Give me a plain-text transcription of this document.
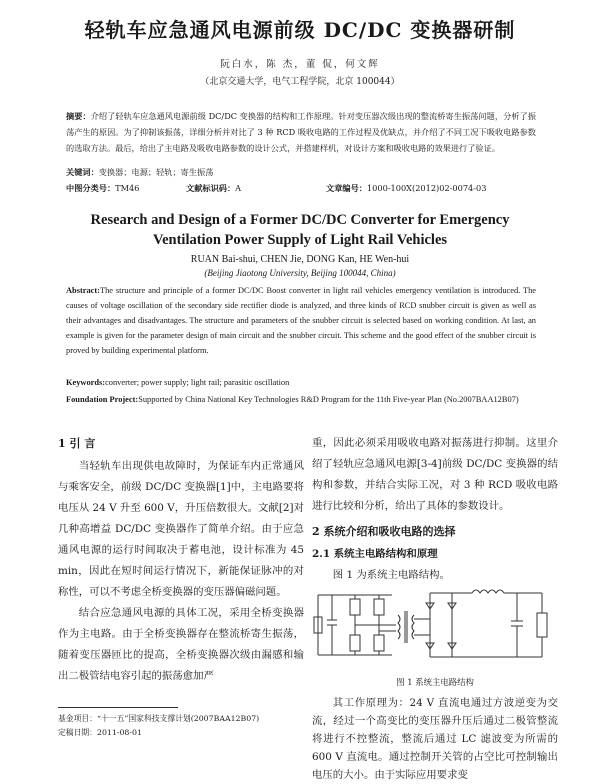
轻轨车应急通风电源前级 DC/DC 变换器研制
阮白水，陈 杰，董 侃，何文辉
（北京交通大学，电气工程学院，北京 100044）
摘要：介绍了轻轨车应急通风电源前级 DC/DC 变换器的结构和工作原理。针对变压器次级出现的整流桥寄生振荡问题，分析了振荡产生的原因。为了抑制该振荡，详细分析并对比了 3 种 RCD 吸收电路的工作过程及优缺点，并介绍了不同工况下吸收电路参数的选取方法。最后，给出了主电路及吸收电路参数的设计公式，并搭建样机，对设计方案和吸收电路的效果进行了验证。
关键词：变换器；电源；轻轨；寄生振荡
中图分类号：TM46	文献标识码：A	文章编号：1000-100X(2012)02-0074-03
Research and Design of a Former DC/DC Converter for Emergency
Ventilation Power Supply of Light Rail Vehicles
RUAN Bai-shui, CHEN Jie, DONG Kan, HE Wen-hui
(Beijing Jiaotong University, Beijing 100044, China)
Abstract:The structure and principle of a former DC/DC Boost converter in light rail vehicles emergency ventilation is introduced. The causes of voltage oscillation of the secondary side rectifier diode is analyzed, and three kinds of RCD snubber circuit is given as well as their advantages and disadvantages. The structure and parameters of the snubber circuit is selected based on working condition. At last, an example is given for the parameter design of main circuit and the snubber circuit. This scheme and the good effect of the snubber circuit is proved by building experimental platform.
Keywords:converter; power supply; light rail; parasitic oscillation
Foundation Project:Supported by China National Key Technologies R&D Program for the 11th Five-year Plan (No.2007BAA12B07)
1 引 言

当轻轨车出现供电故障时，为保证车内正常通风与乘客安全，前级 DC/DC 变换器[1]中，主电路要将电压从 24 V 升至 600 V，升压倍数很大。文献[2]对几种高增益 DC/DC 变换器作了简单介绍。由于应急通风电源的运行时间取决于蓄电池，设计标准为 45 min，因此在短时间运行情况下，新能保证脉冲的对称性，可以不考虑全桥变换器的变压器偏磁问题。

结合应急通风电源的具体工况，采用全桥变换器作为主电路。由于全桥变换器存在整流桥寄生振荡，随着变压器匝比的提高，全桥变换器次级由漏感和输出二极管结电容引起的振荡愈加严

基金项目：“十一五”国家科技支撑计划(2007BAA12B07)
定稿日期：2011-08-01

重，因此必须采用吸收电路对振荡进行抑制。这里介绍了轻轨应急通风电源[3-4]前级 DC/DC 变换器的结构和参数，并结合实际工况，对 3 种 RCD 吸收电路进行比较和分析，给出了具体的参数设计。

2 系统介绍和吸收电路的选择
2.1 系统主电路结构和原理

图 1 为系统主电路结构。

图 1 系统主电路结构

其工作原理为：24 V 直流电通过方波逆变为交流，经过一个高变比的变压器升压后通过二极管整流将进行不控整流，整流后通过 LC 滤波变为所需的 600 V 直流电。通过控制开关管的占空比可控制输出电压的大小。由于实际应用要求变
